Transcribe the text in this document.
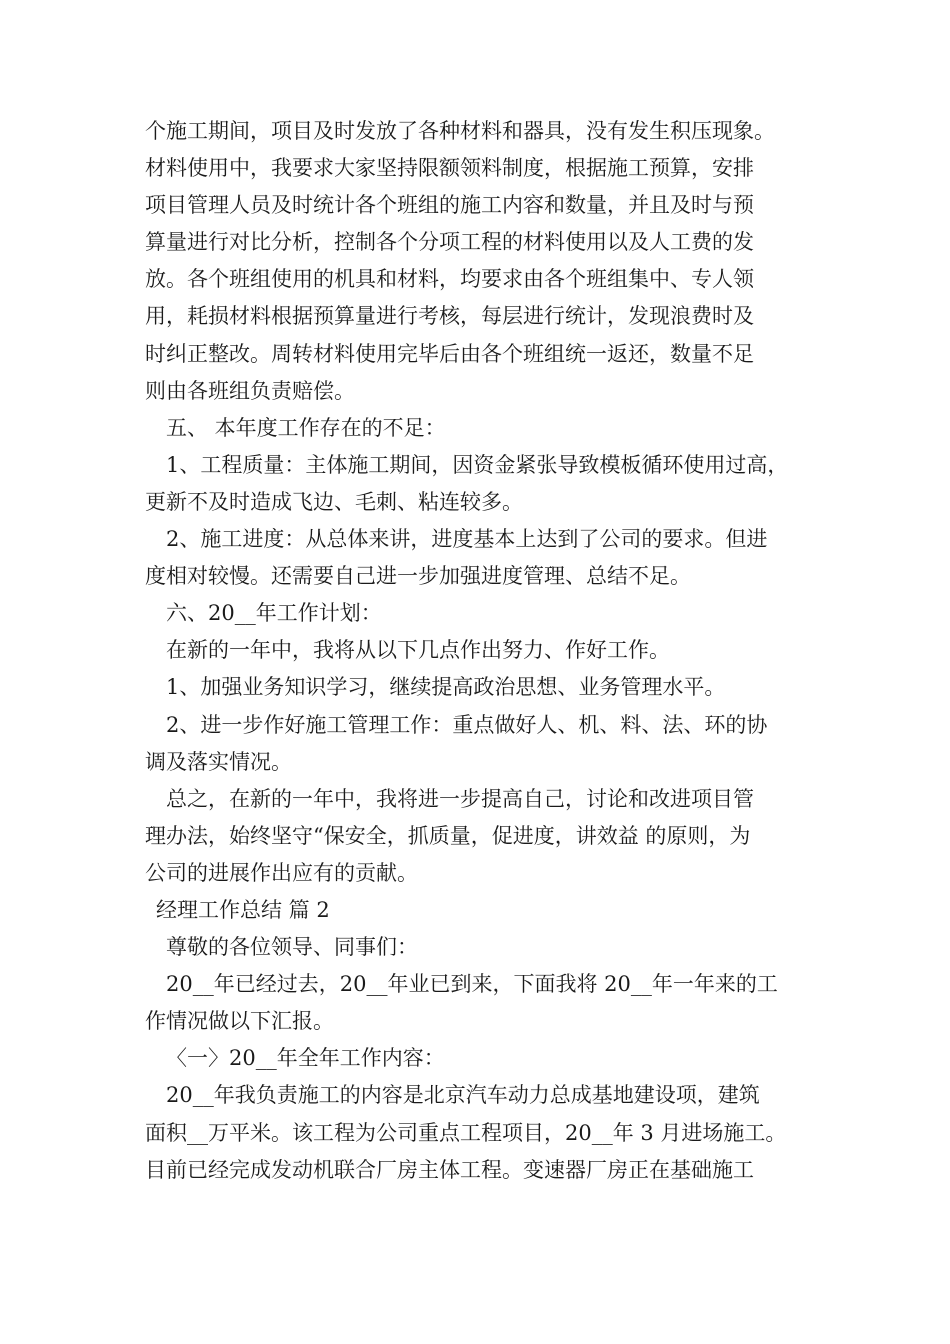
个施工期间，项目及时发放了各种材料和器具，没有发生积压现象。
材料使用中，我要求大家坚持限额领料制度，根据施工预算，安排
项目管理人员及时统计各个班组的施工内容和数量，并且及时与预
算量进行对比分析，控制各个分项工程的材料使用以及人工费的发
放。各个班组使用的机具和材料，均要求由各个班组集中、专人领
用，耗损材料根据预算量进行考核，每层进行统计，发现浪费时及
时纠正整改。周转材料使用完毕后由各个班组统一返还，数量不足
则由各班组负责赔偿。
五、 本年度工作存在的不足：
1、工程质量：主体施工期间，因资金紧张导致模板循环使用过高，
更新不及时造成飞边、毛刺、粘连较多。
2、施工进度：从总体来讲，进度基本上达到了公司的要求。但进
度相对较慢。还需要自己进一步加强进度管理、总结不足。
六、20__年工作计划：
在新的一年中，我将从以下几点作出努力、作好工作。
1、加强业务知识学习，继续提高政治思想、业务管理水平。
2、进一步作好施工管理工作：重点做好人、机、料、法、环的协
调及落实情况。
总之，在新的一年中，我将进一步提高自己，讨论和改进项目管
理办法，始终坚守“保安全，抓质量，促进度，讲效益 的原则，为
公司的进展作出应有的贡献。
经理工作总结 篇 2
尊敬的各位领导、同事们：
20__年已经过去，20__年业已到来，下面我将 20__年一年来的工
作情况做以下汇报。
〈一〉20__年全年工作内容：
20__年我负责施工的内容是北京汽车动力总成基地建设项，建筑
面积__万平米。该工程为公司重点工程项目，20__年 3 月进场施工。
目前已经完成发动机联合厂房主体工程。变速器厂房正在基础施工
